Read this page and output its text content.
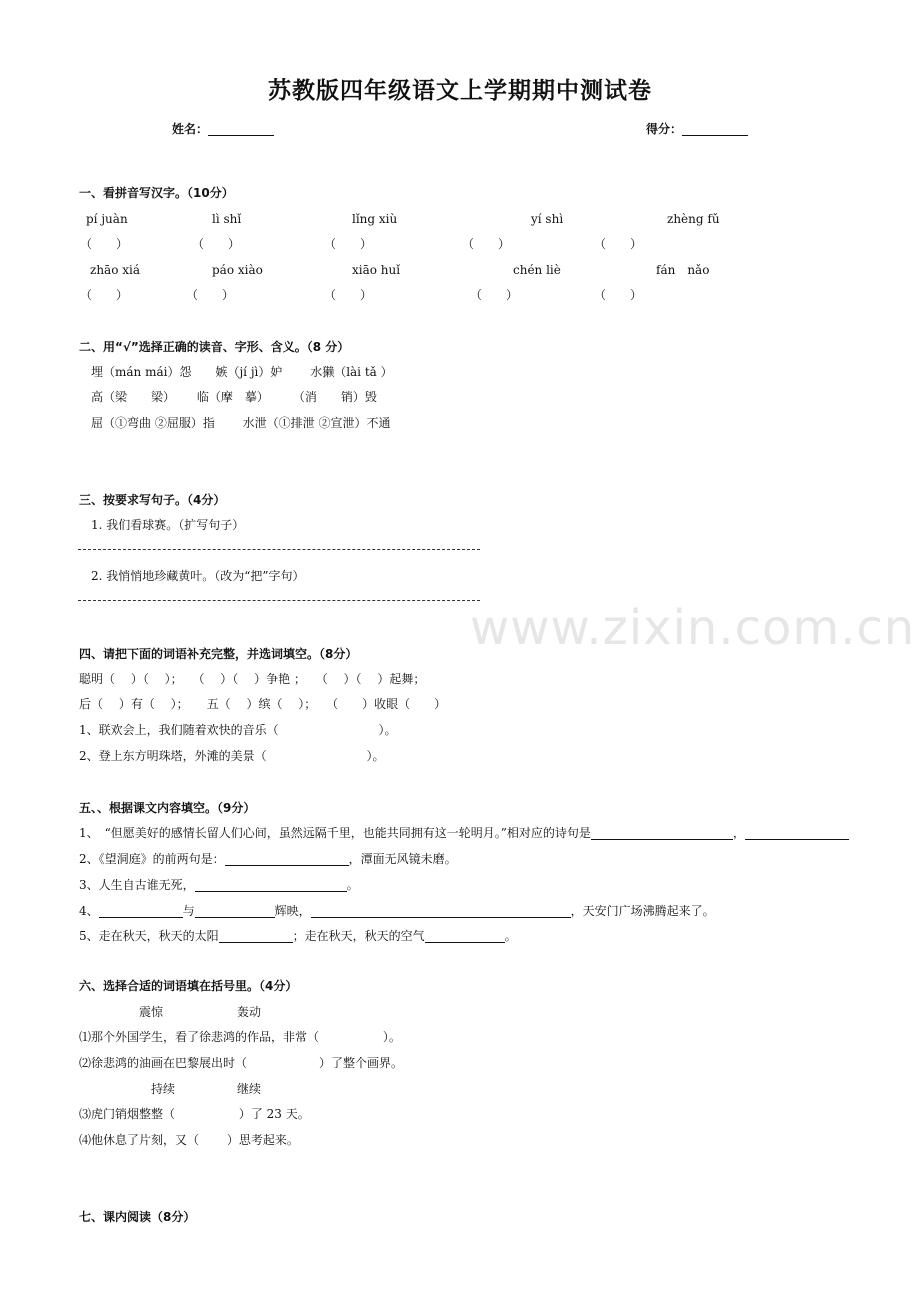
www.zixin.com.cn
苏教版四年级语文上学期期中测试卷
姓名：	得分：
一、看拼音写汉字。（10分）
pí juàn	lì shǐ	lǐng xiù	yí shì	zhèng fǔ
（　　）	（　　）	（　　）	（　　）	（　　）
zhāo xiá	páo xiào	xiāo huǐ	chén liè	fán　nǎo
（　　）	（　　）	（　　）	（　　）	（　　）
二、用“√”选择正确的读音、字形、含义。（8 分）
埋（mán mái）怨　　嫉（jí jì）妒　　 水獭（lài tǎ ）
高（梁　　梁）　　 临（摩　摹）　　　（消　　销）毁
屈（①弯曲 ②屈服）指　　 水泄（①排泄 ②宣泄）不通
三、按要求写句子。（4分）
1. 我们看球赛。（扩写句子）
2. 我悄悄地珍藏黄叶。（改为“把”字句）
四、请把下面的词语补充完整，并选词填空。（8分）
聪明（　 ）（　 ）；　 （　 ）（　 ）争艳 ；　 （　 ）（　 ）起舞；
后（　 ）有（　 ）；　　五（　 ）缤（　 ）；　 （　　）收眼（　　）
1、联欢会上，我们随着欢快的音乐（　　　　　　　　 ）。
2、登上东方明珠塔，外滩的美景（　　　　　　　　 ）。
五、、根据课文内容填空。（9分）
1、　“但愿美好的感情长留人们心间，虽然远隔千里，也能共同拥有这一轮明月。”相对应的诗句是	，
2、《望洞庭》的前两句是：	，潭面无风镜未磨。
3、人生自古谁无死，	。
4、	与	辉映，	，天安门广场沸腾起来了。
5、走在秋天，秋天的太阳	；走在秋天，秋天的空气	。
六、选择合适的词语填在括号里。（4分）
震惊	轰动
⑴那个外国学生，看了徐悲鸿的作品，非常（　　　　　 ）。
⑵徐悲鸿的油画在巴黎展出时（　　　　　　）了整个画界。
持续	继续
⑶虎门销烟整整（　　　　　 ）了 23 天。
⑷他休息了片刻，又（　　 ）思考起来。
七、课内阅读（8分）
